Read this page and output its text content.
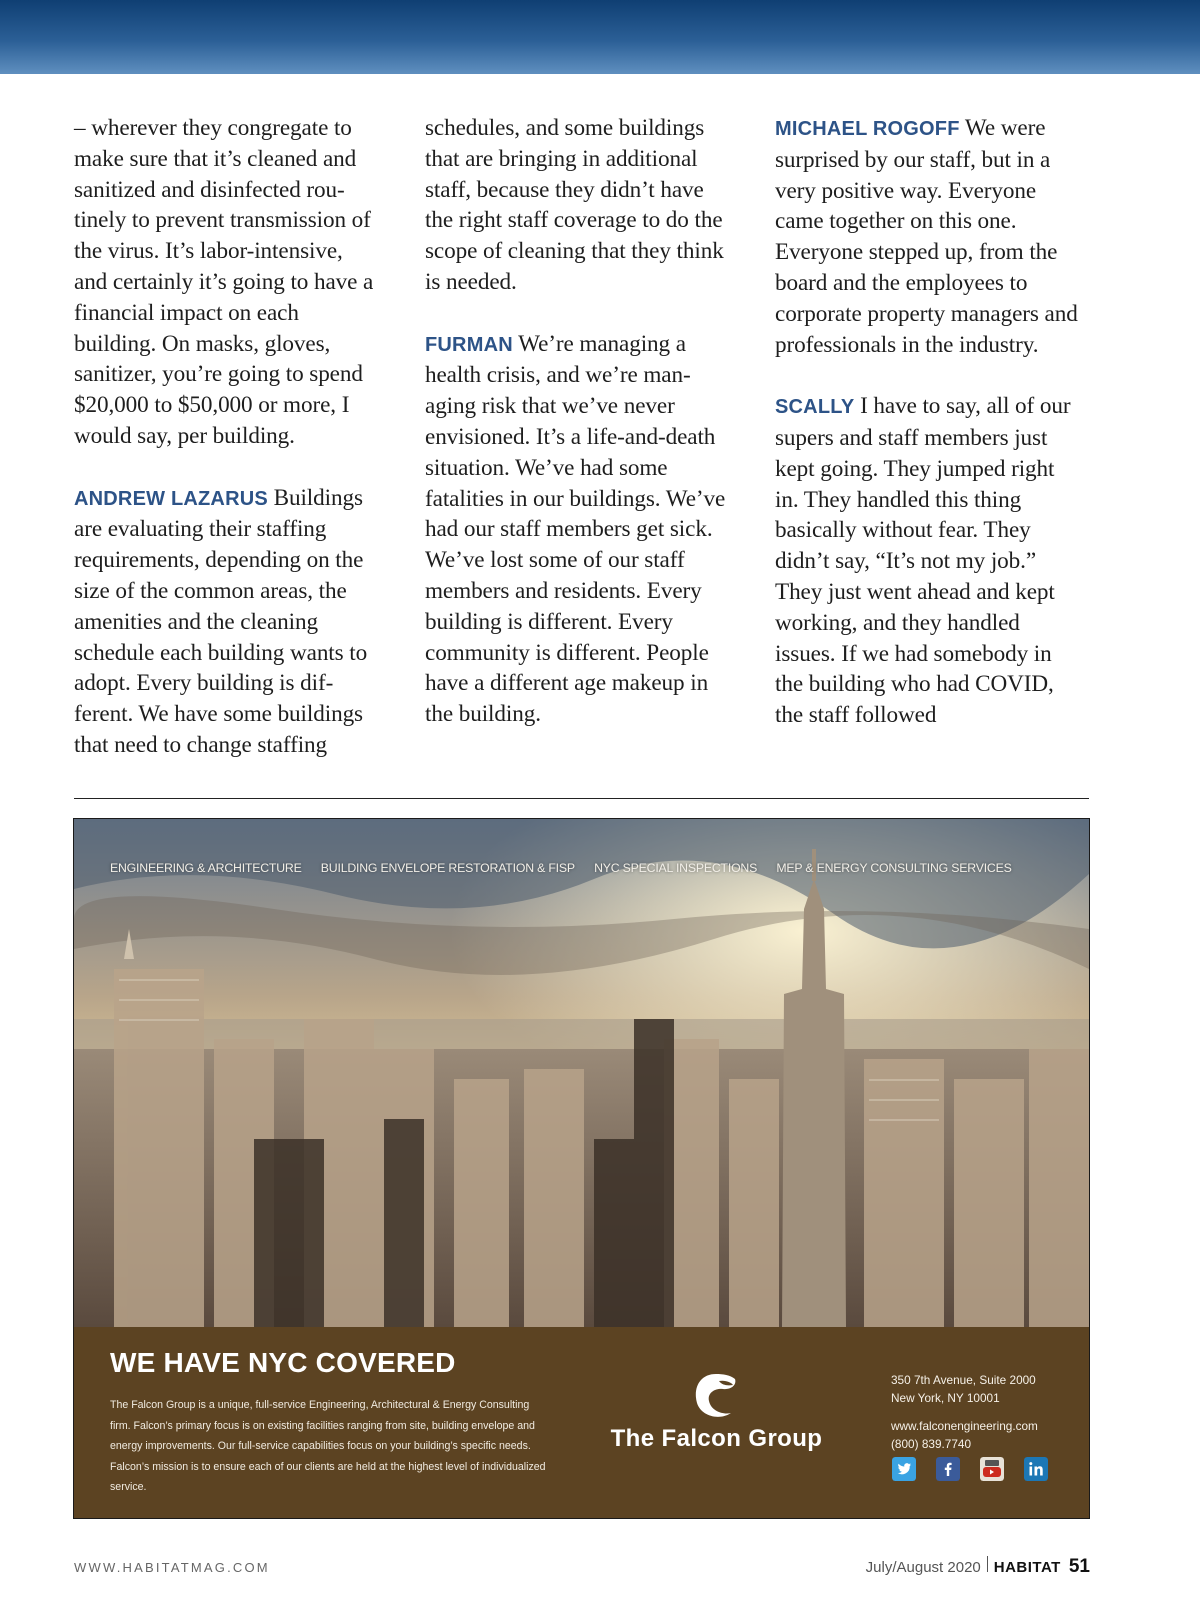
– wherever they congregate to make sure that it’s cleaned and sanitized and disinfected routinely to prevent transmission of the virus. It’s labor-intensive, and certainly it’s going to have a financial impact on each building. On masks, gloves, sanitizer, you’re going to spend $20,000 to $50,000 or more, I would say, per building.

ANDREW LAZARUS Buildings are evaluating their staffing requirements, depending on the size of the common areas, the amenities and the cleaning schedule each building wants to adopt. Every building is different. We have some buildings that need to change staffing

schedules, and some buildings that are bringing in additional staff, because they didn’t have the right staff coverage to do the scope of cleaning that they think is needed.

FURMAN We’re managing a health crisis, and we’re managing risk that we’ve never envisioned. It’s a life-and-death situation. We’ve had some fatalities in our buildings. We’ve had our staff members get sick. We’ve lost some of our staff members and residents. Every building is different. Every community is different. People have a different age makeup in the building.

MICHAEL ROGOFF We were surprised by our staff, but in a very positive way. Everyone came together on this one. Everyone stepped up, from the board and the employees to corporate property managers and professionals in the industry.

SCALLY I have to say, all of our supers and staff members just kept going. They jumped right in. They handled this thing basically without fear. They didn’t say, “It’s not my job.” They just went ahead and kept working, and they handled issues. If we had somebody in the building who had COVID, the staff followed

ENGINEERING & ARCHITECTURE BUILDING ENVELOPE RESTORATION & FISP NYC SPECIAL INSPECTIONS MEP & ENERGY CONSULTING SERVICES
WE HAVE NYC COVERED
The Falcon Group is a unique, full-service Engineering, Architectural & Energy Consulting firm. Falcon’s primary focus is on existing facilities ranging from site, building envelope and energy improvements. Our full-service capabilities focus on your building’s specific needs. Falcon’s mission is to ensure each of our clients are held at the highest level of individualized service.
The Falcon Group
350 7th Avenue, Suite 2000
New York, NY 10001
www.falconengineering.com
(800) 839.7740
WWW.HABITATMAG.COM	July/August 2020 HABITAT 51
